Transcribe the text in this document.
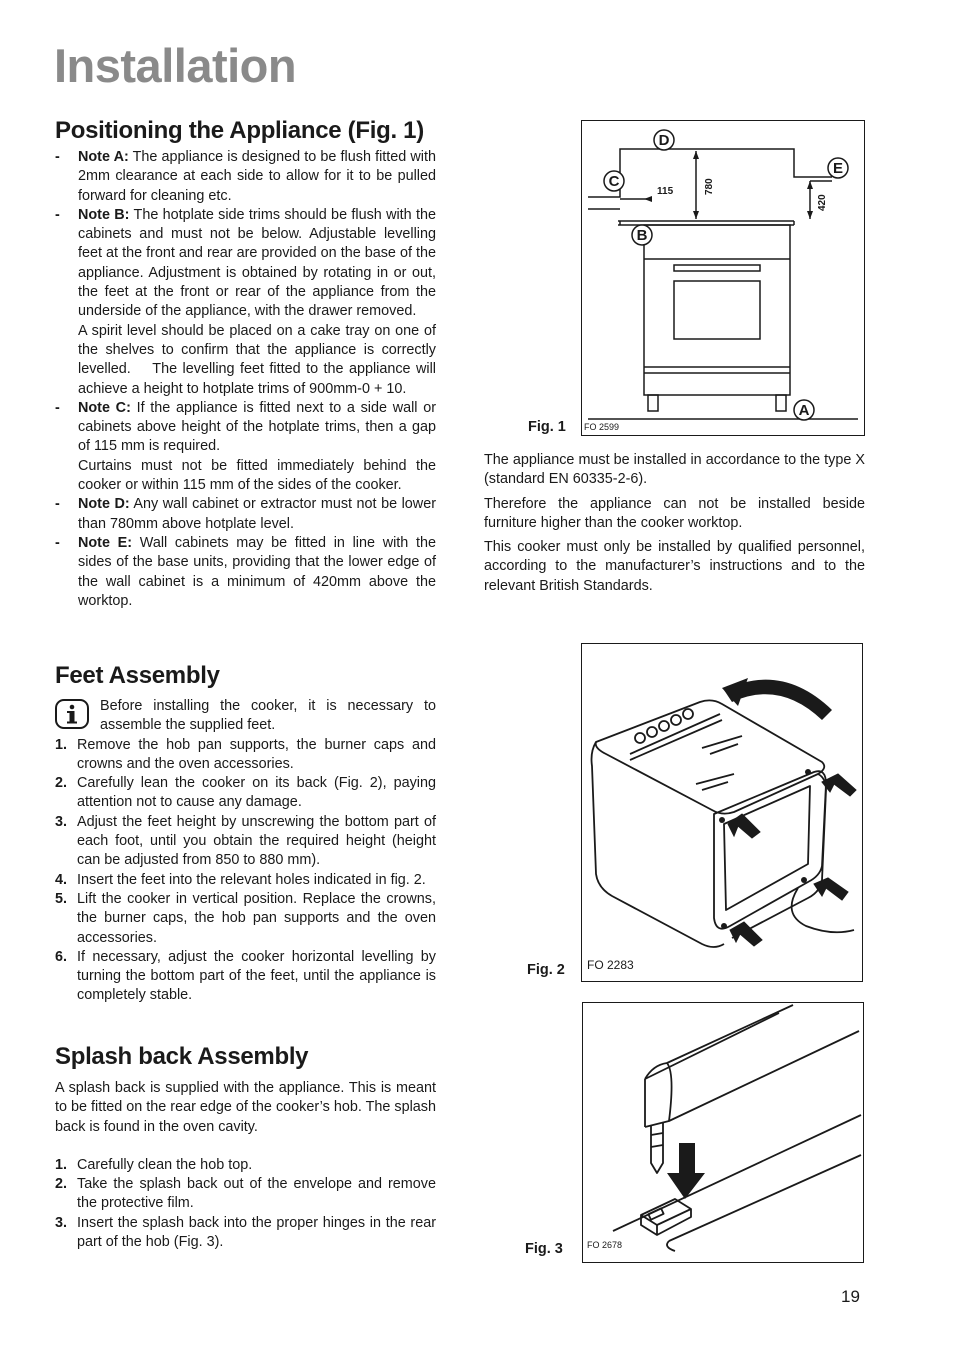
Installation
Positioning the Appliance (Fig. 1)
- Note A: The appliance is designed to be flush fitted with 2mm clearance at each side to allow for it to be pulled forward for cleaning etc.
- Note B: The hotplate side trims should be flush with the cabinets and must not be below. Adjustable levelling feet at the front and rear are provided on the base of the appliance. Adjustment is obtained by rotating in or out, the feet at the front or rear of the appliance from the underside of the appliance, with the drawer removed.
A spirit level should be placed on a cake tray on one of the shelves to confirm that the appliance is correctly levelled.    The levelling feet fitted to the appliance will achieve a height to hotplate trims of 900mm-0 + 10.
- Note C: If the appliance is fitted next to a side wall or cabinets above height of the hotplate trims, then a gap of 115 mm is required.
Curtains must not be fitted immediately behind the cooker or within 115 mm of the sides of the cooker.
- Note D: Any wall cabinet or extractor must not be lower than 780mm above hotplate level.
- Note E: Wall cabinets may be fitted in line with the sides of the base units, providing that the lower edge of the wall cabinet is a minimum of 420mm above the worktop.
D
E
C
B
A
115	780
420
FO 2599
Fig. 1

The appliance must be installed in accordance to the type X (standard EN 60335-2-6).

Therefore the appliance can not be installed beside furniture higher than the cooker worktop.

This cooker must only be installed by qualified personnel, according to the manufacturer’s instructions and to the relevant British Standards.

Feet Assembly
Before installing the cooker, it is necessary to assemble the supplied feet.
1. Remove the hob pan supports, the burner caps and crowns and the oven accessories.
2. Carefully lean the cooker on its back (Fig. 2), paying attention not to cause any damage.
3. Adjust the feet height by unscrewing the bottom part of each foot, until you obtain the required height (height can be adjusted from 850 to 880 mm).
4. Insert the feet into the relevant holes indicated in fig. 2.
5. Lift the cooker in vertical position. Replace the crowns, the burner caps, the hob pan supports and the oven accessories.
6. If necessary, adjust the cooker horizontal levelling by turning the bottom part of the feet, until the appliance is completely stable.
FO 2283
Fig. 2
Splash back Assembly
A splash back is supplied with the appliance. This is meant to be fitted on the rear edge of the cooker’s hob. The splash back is found in the oven cavity.
1. Carefully clean the hob top.
2. Take the splash back out of the envelope and remove the protective film.
3. Insert the splash back into the proper hinges in the rear part of the hob (Fig. 3).	FO 2678
Fig. 3
19
